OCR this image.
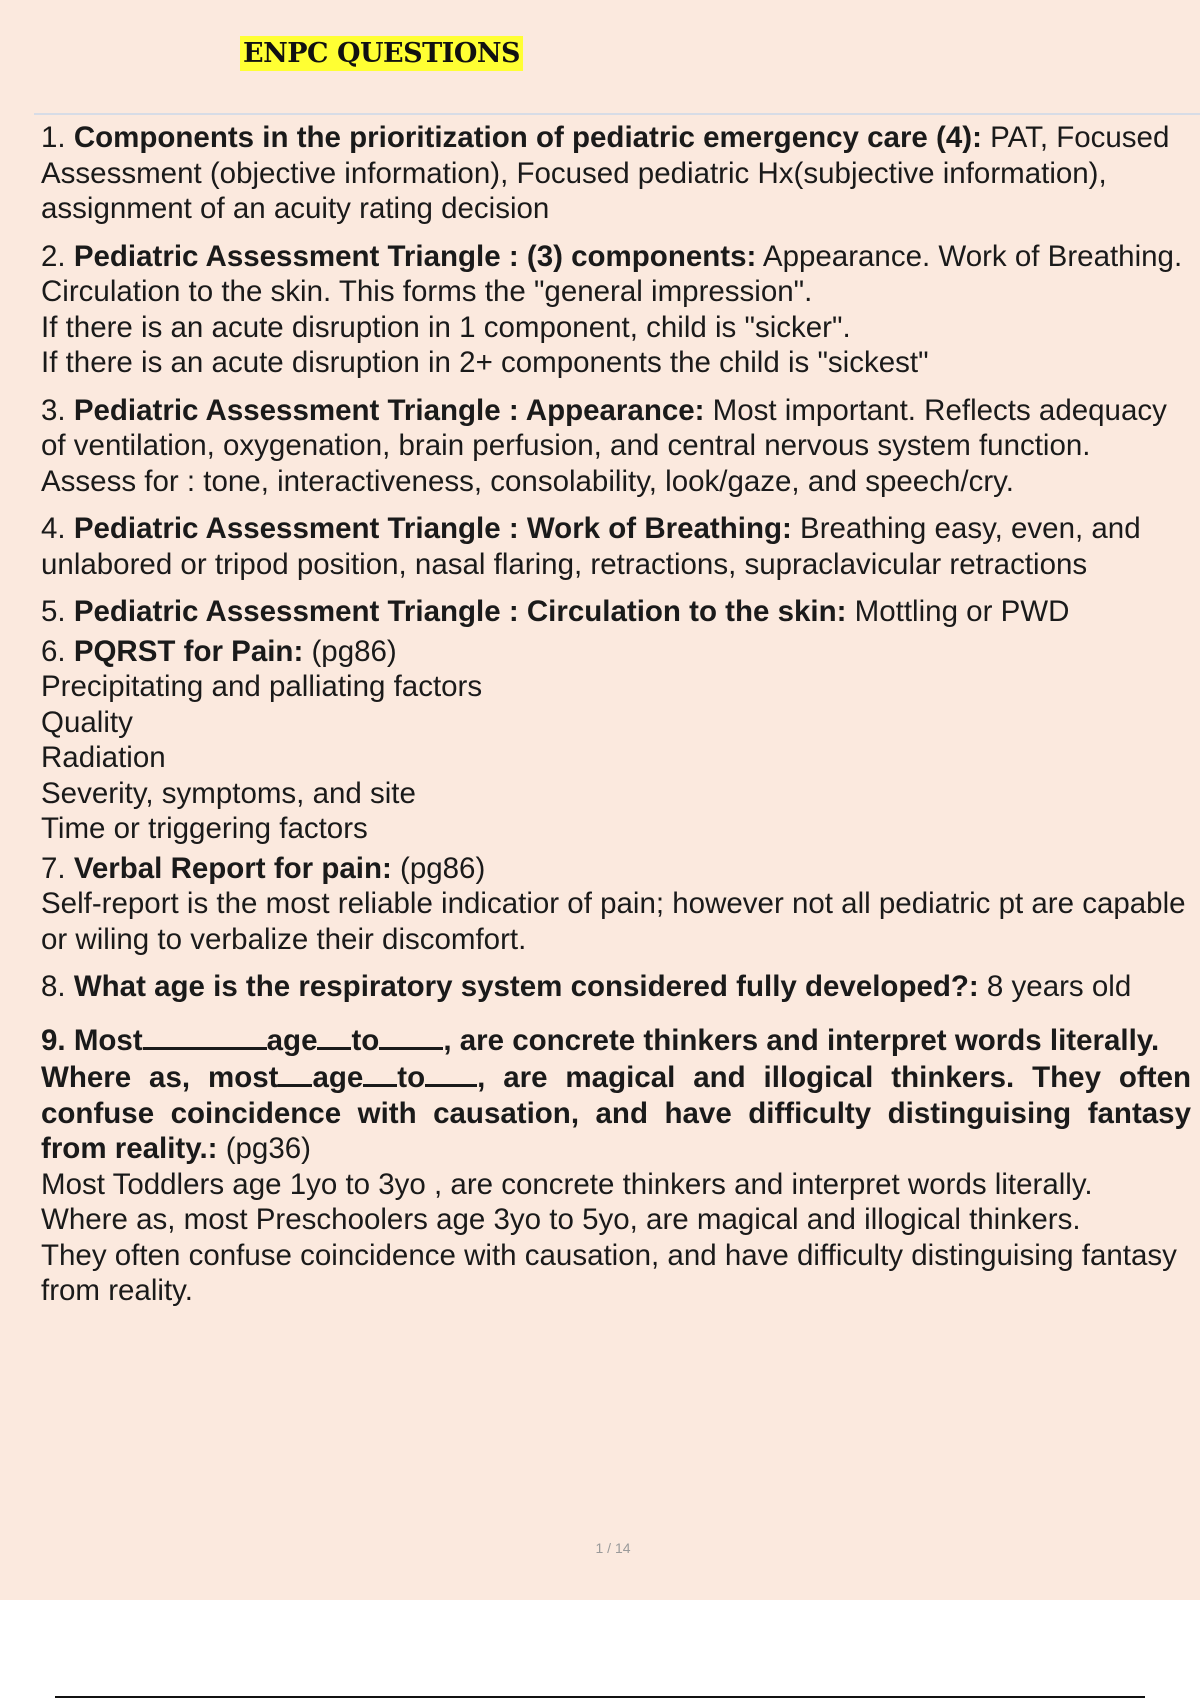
ENPC QUESTIONS
1. Components in the prioritization of pediatric emergency care (4): PAT, Focused Assessment (objective information), Focused pediatric Hx(subjective information), assignment of an acuity rating decision
2. Pediatric Assessment Triangle : (3) components: Appearance. Work of Breathing. Circulation to the skin. This forms the "general impression".
If there is an acute disruption in 1 component, child is "sicker".
If there is an acute disruption in 2+ components the child is "sickest"
3. Pediatric Assessment Triangle : Appearance: Most important. Reflects adequacy of ventilation, oxygenation, brain perfusion, and central nervous system function.
Assess for : tone, interactiveness, consolability, look/gaze, and speech/cry.
4. Pediatric Assessment Triangle : Work of Breathing: Breathing easy, even, and unlabored or tripod position, nasal flaring, retractions, supraclavicular retractions
5. Pediatric Assessment Triangle : Circulation to the skin: Mottling or PWD
6. PQRST for Pain: (pg86)
Precipitating and palliating factors
Quality
Radiation
Severity, symptoms, and site
Time or triggering factors
7. Verbal Report for pain: (pg86)
Self-report is the most reliable indicatior of pain; however not all pediatric pt are capable or wiling to verbalize their discomfort.
8. What age is the respiratory system considered fully developed?: 8 years old
9. Most	age to , are concrete thinkers and interpret words literally.
Where as, most age to , are magical and illogical thinkers. They often confuse coincidence with causation, and have difficulty distinguising fantasy from reality.: (pg36)
Most Toddlers age 1yo to 3yo , are concrete thinkers and interpret words literally.
Where as, most Preschoolers age 3yo to 5yo, are magical and illogical thinkers.
They often confuse coincidence with causation, and have difficulty distinguising fantasy from reality.
1 / 14
